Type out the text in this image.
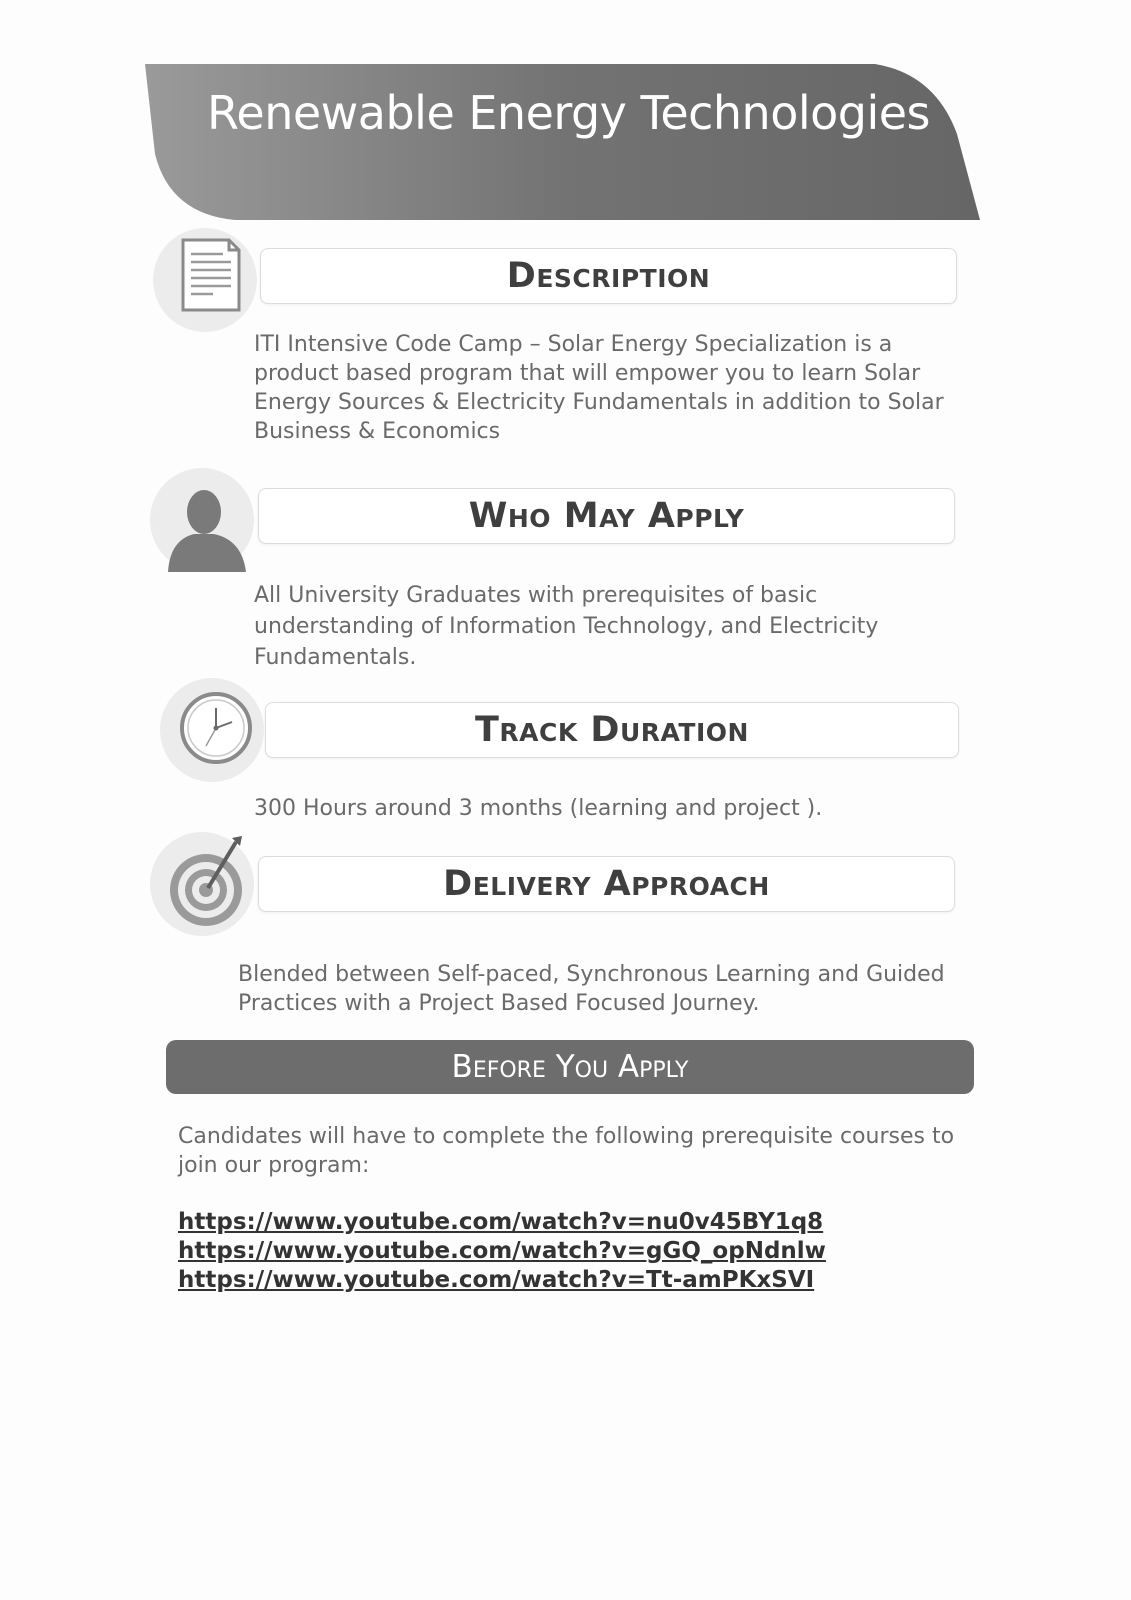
Renewable Energy Technologies
Description
ITI Intensive Code Camp – Solar Energy Specialization is a product based program that will empower you to learn Solar Energy Sources & Electricity Fundamentals in addition to Solar Business & Economics
Who May Apply
All University Graduates with prerequisites of basic understanding of Information Technology, and Electricity Fundamentals.
Track Duration
300 Hours around 3 months (learning and project ).
Delivery Approach
Blended between Self-paced, Synchronous Learning and Guided Practices with a Project Based Focused Journey.
Before You Apply
Candidates will have to complete the following prerequisite courses to join our program:
https://www.youtube.com/watch?v=nu0v45BY1q8
https://www.youtube.com/watch?v=gGQ_opNdnlw
https://www.youtube.com/watch?v=Tt-amPKxSVI
